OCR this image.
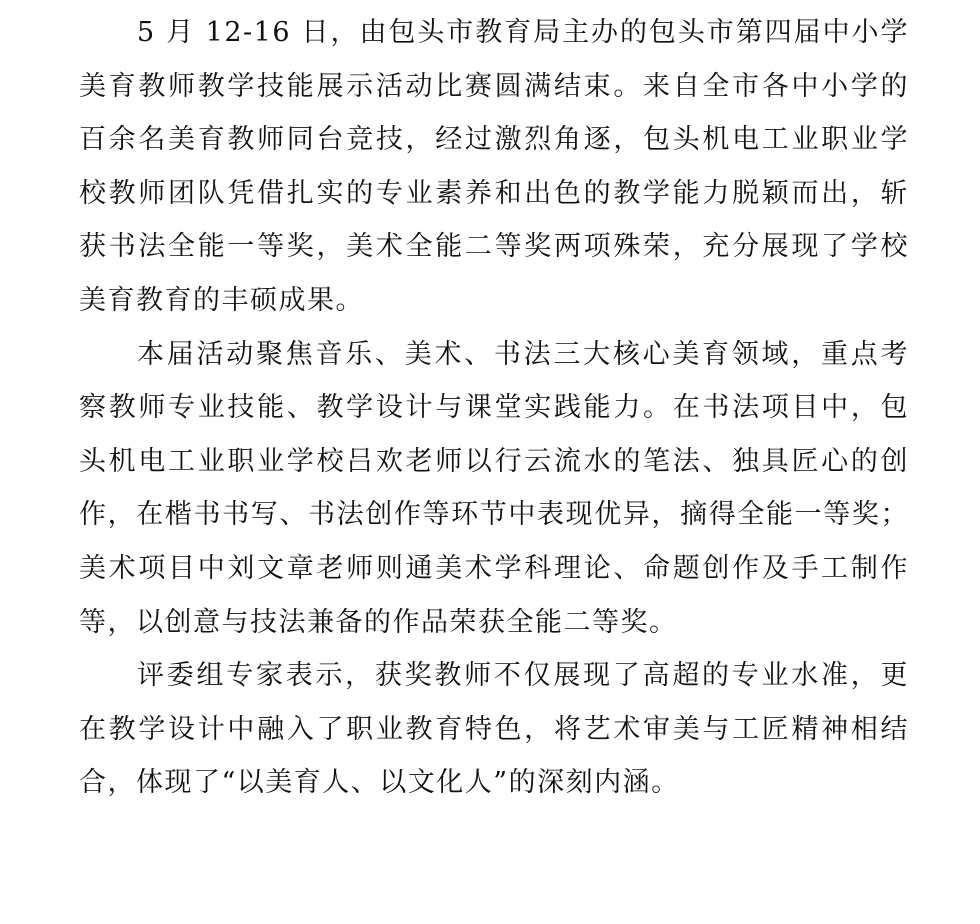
5 月 12-16 日，由包头市教育局主办的包头市第四届中小学
美育教师教学技能展示活动比赛圆满结束。来自全市各中小学的
百余名美育教师同台竞技，经过激烈角逐，包头机电工业职业学
校教师团队凭借扎实的专业素养和出色的教学能力脱颖而出，斩
获书法全能一等奖，美术全能二等奖两项殊荣，充分展现了学校
美育教育的丰硕成果。
本届活动聚焦音乐、美术、书法三大核心美育领域，重点考
察教师专业技能、教学设计与课堂实践能力。在书法项目中，包
头机电工业职业学校吕欢老师以行云流水的笔法、独具匠心的创
作，在楷书书写、书法创作等环节中表现优异，摘得全能一等奖；
美术项目中刘文章老师则通美术学科理论、命题创作及手工制作
等，以创意与技法兼备的作品荣获全能二等奖。
评委组专家表示，获奖教师不仅展现了高超的专业水准，更
在教学设计中融入了职业教育特色，将艺术审美与工匠精神相结
合，体现了“以美育人、以文化人”的深刻内涵。
